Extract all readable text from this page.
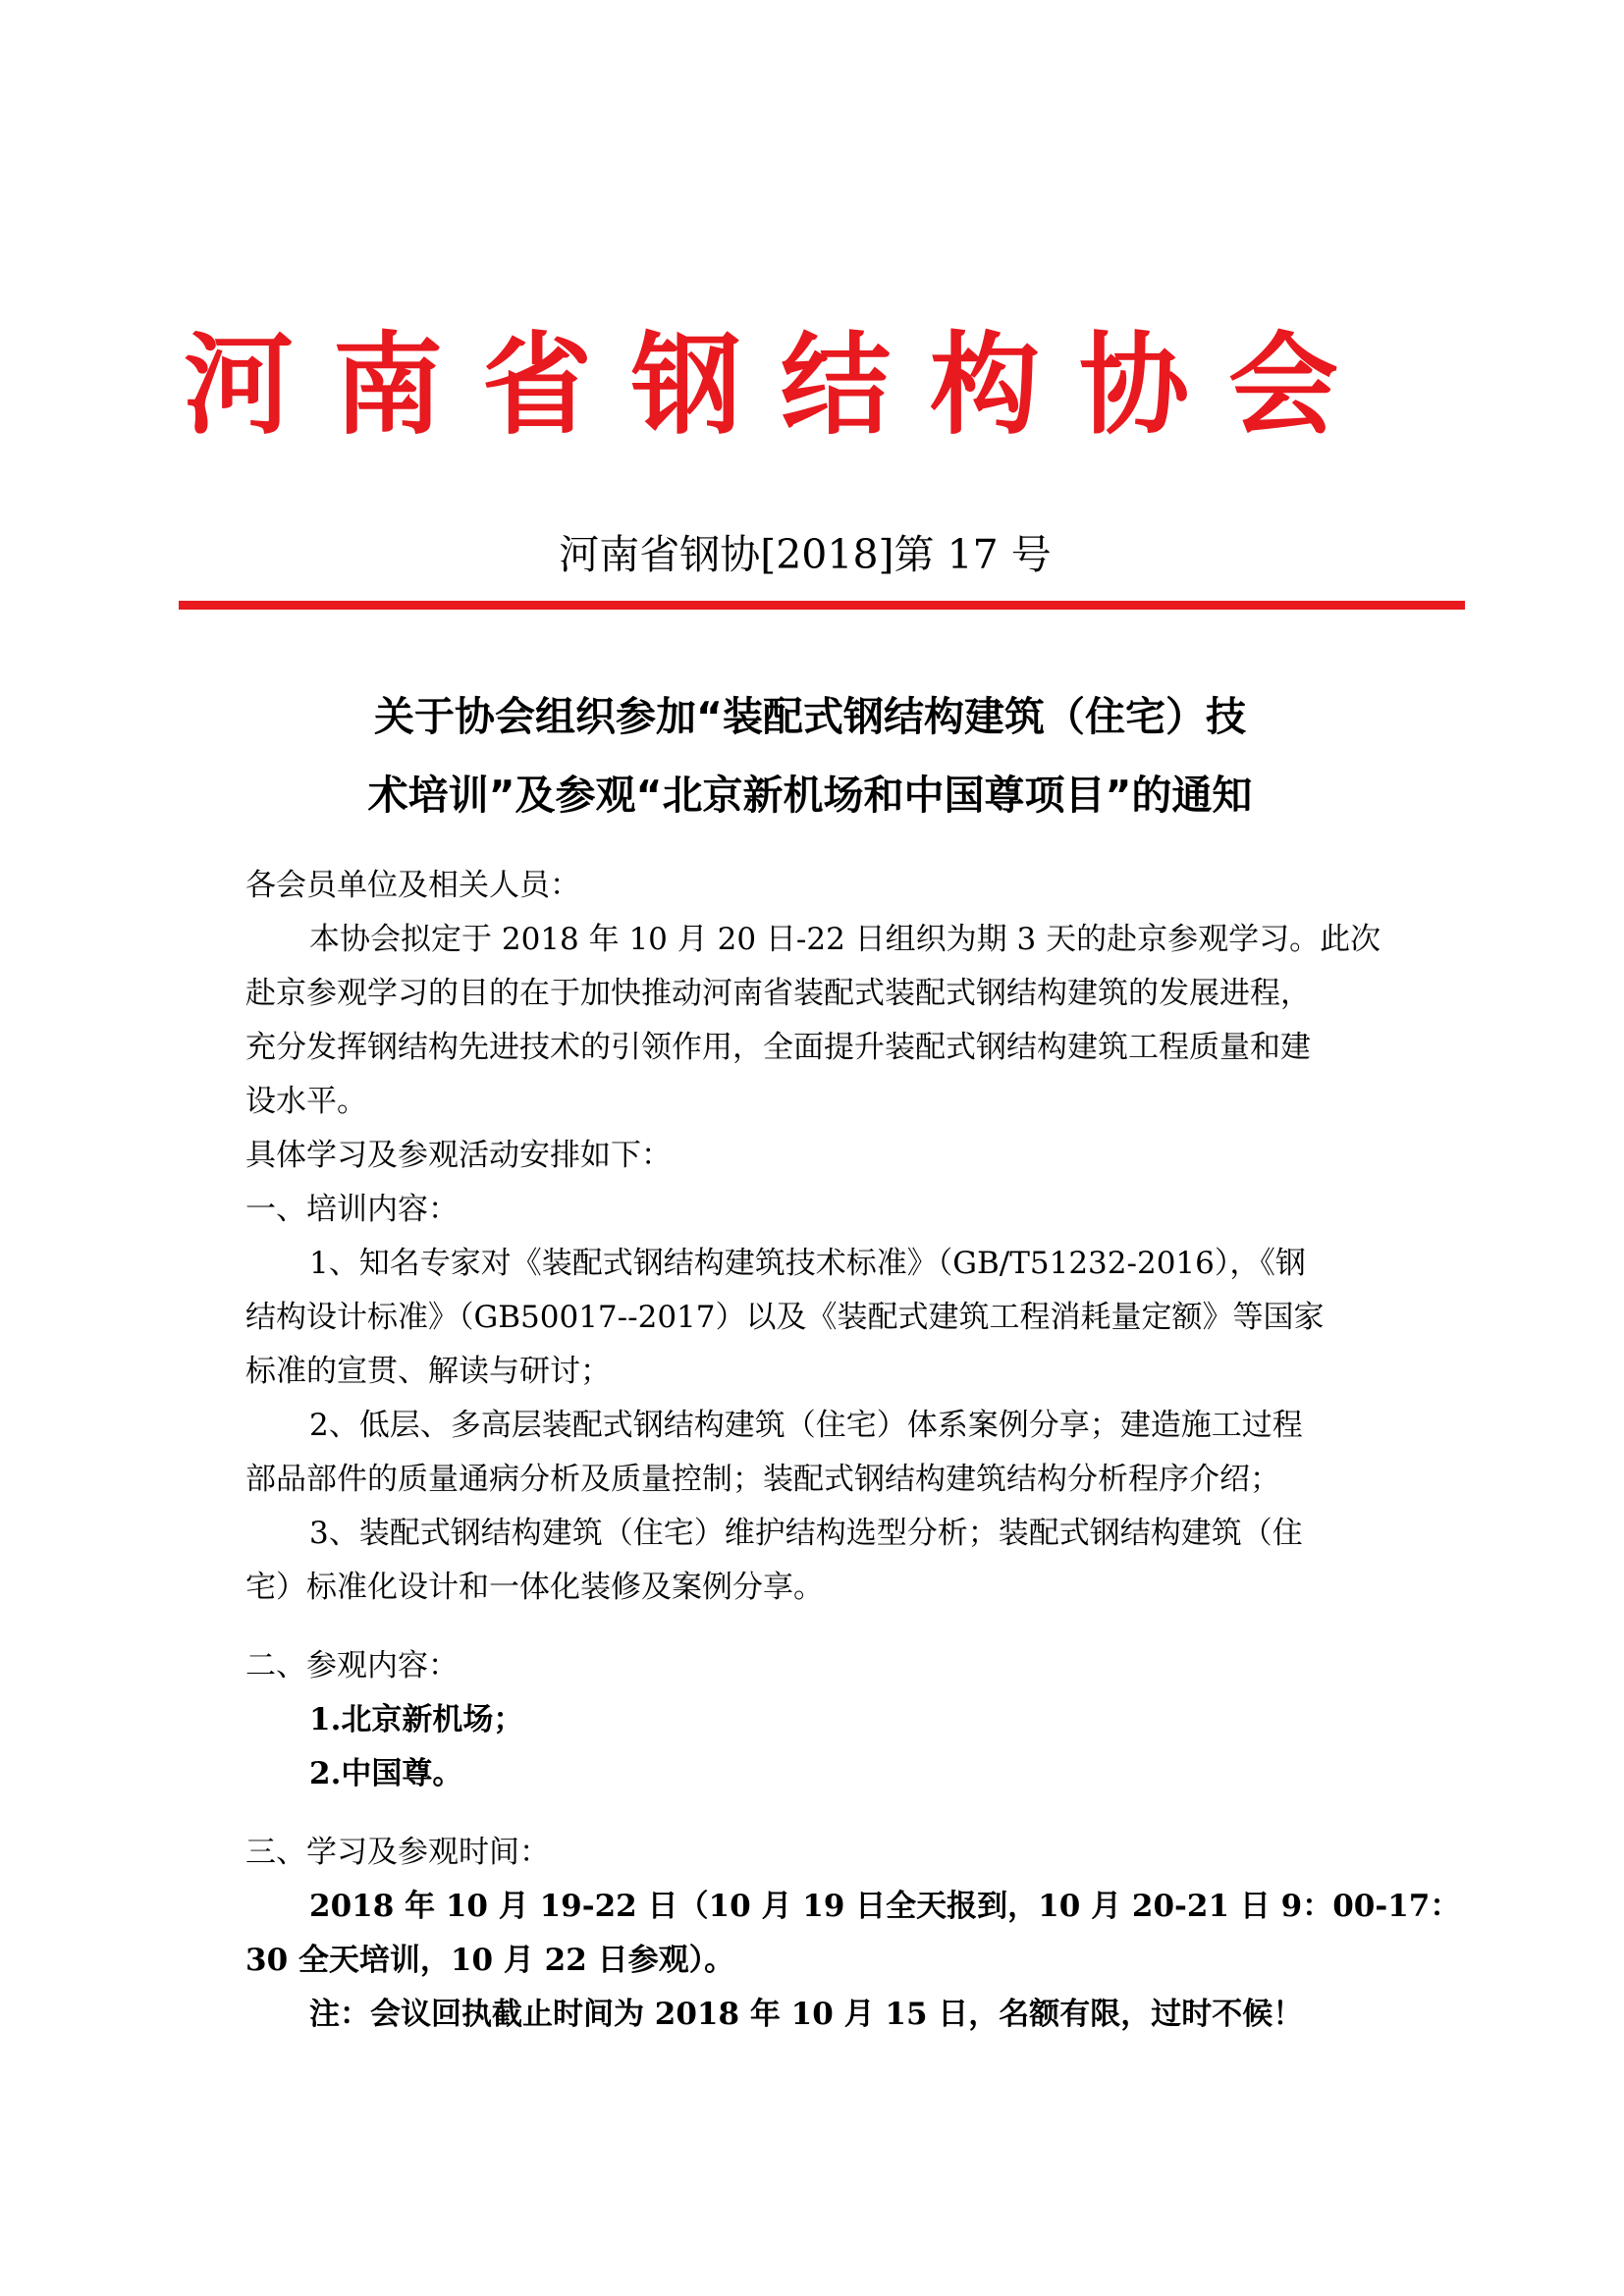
河南省钢结构协会
河南省钢协[2018]第 17 号
关于协会组织参加“装配式钢结构建筑（住宅）技
术培训”及参观“北京新机场和中国尊项目”的通知

各会员单位及相关人员：

本协会拟定于 2018 年 10 月 20 日-22 日组织为期 3 天的赴京参观学习。此次

赴京参观学习的目的在于加快推动河南省装配式装配式钢结构建筑的发展进程，

充分发挥钢结构先进技术的引领作用，全面提升装配式钢结构建筑工程质量和建

设水平。

具体学习及参观活动安排如下：

一、培训内容：

1、知名专家对《装配式钢结构建筑技术标准》（GB/T51232-2016），《钢

结构设计标准》（GB50017--2017）以及《装配式建筑工程消耗量定额》等国家

标准的宣贯、解读与研讨；

2、低层、多高层装配式钢结构建筑（住宅）体系案例分享；建造施工过程

部品部件的质量通病分析及质量控制；装配式钢结构建筑结构分析程序介绍；

3、装配式钢结构建筑（住宅）维护结构选型分析；装配式钢结构建筑（住

宅）标准化设计和一体化装修及案例分享。

二、参观内容：

1.北京新机场；

2.中国尊。

三、学习及参观时间：

2018 年 10 月 19-22 日（10 月 19 日全天报到，10 月 20-21 日 9：00-17：

30 全天培训，10 月 22 日参观）。

注：会议回执截止时间为 2018 年 10 月 15 日，名额有限，过时不候！
